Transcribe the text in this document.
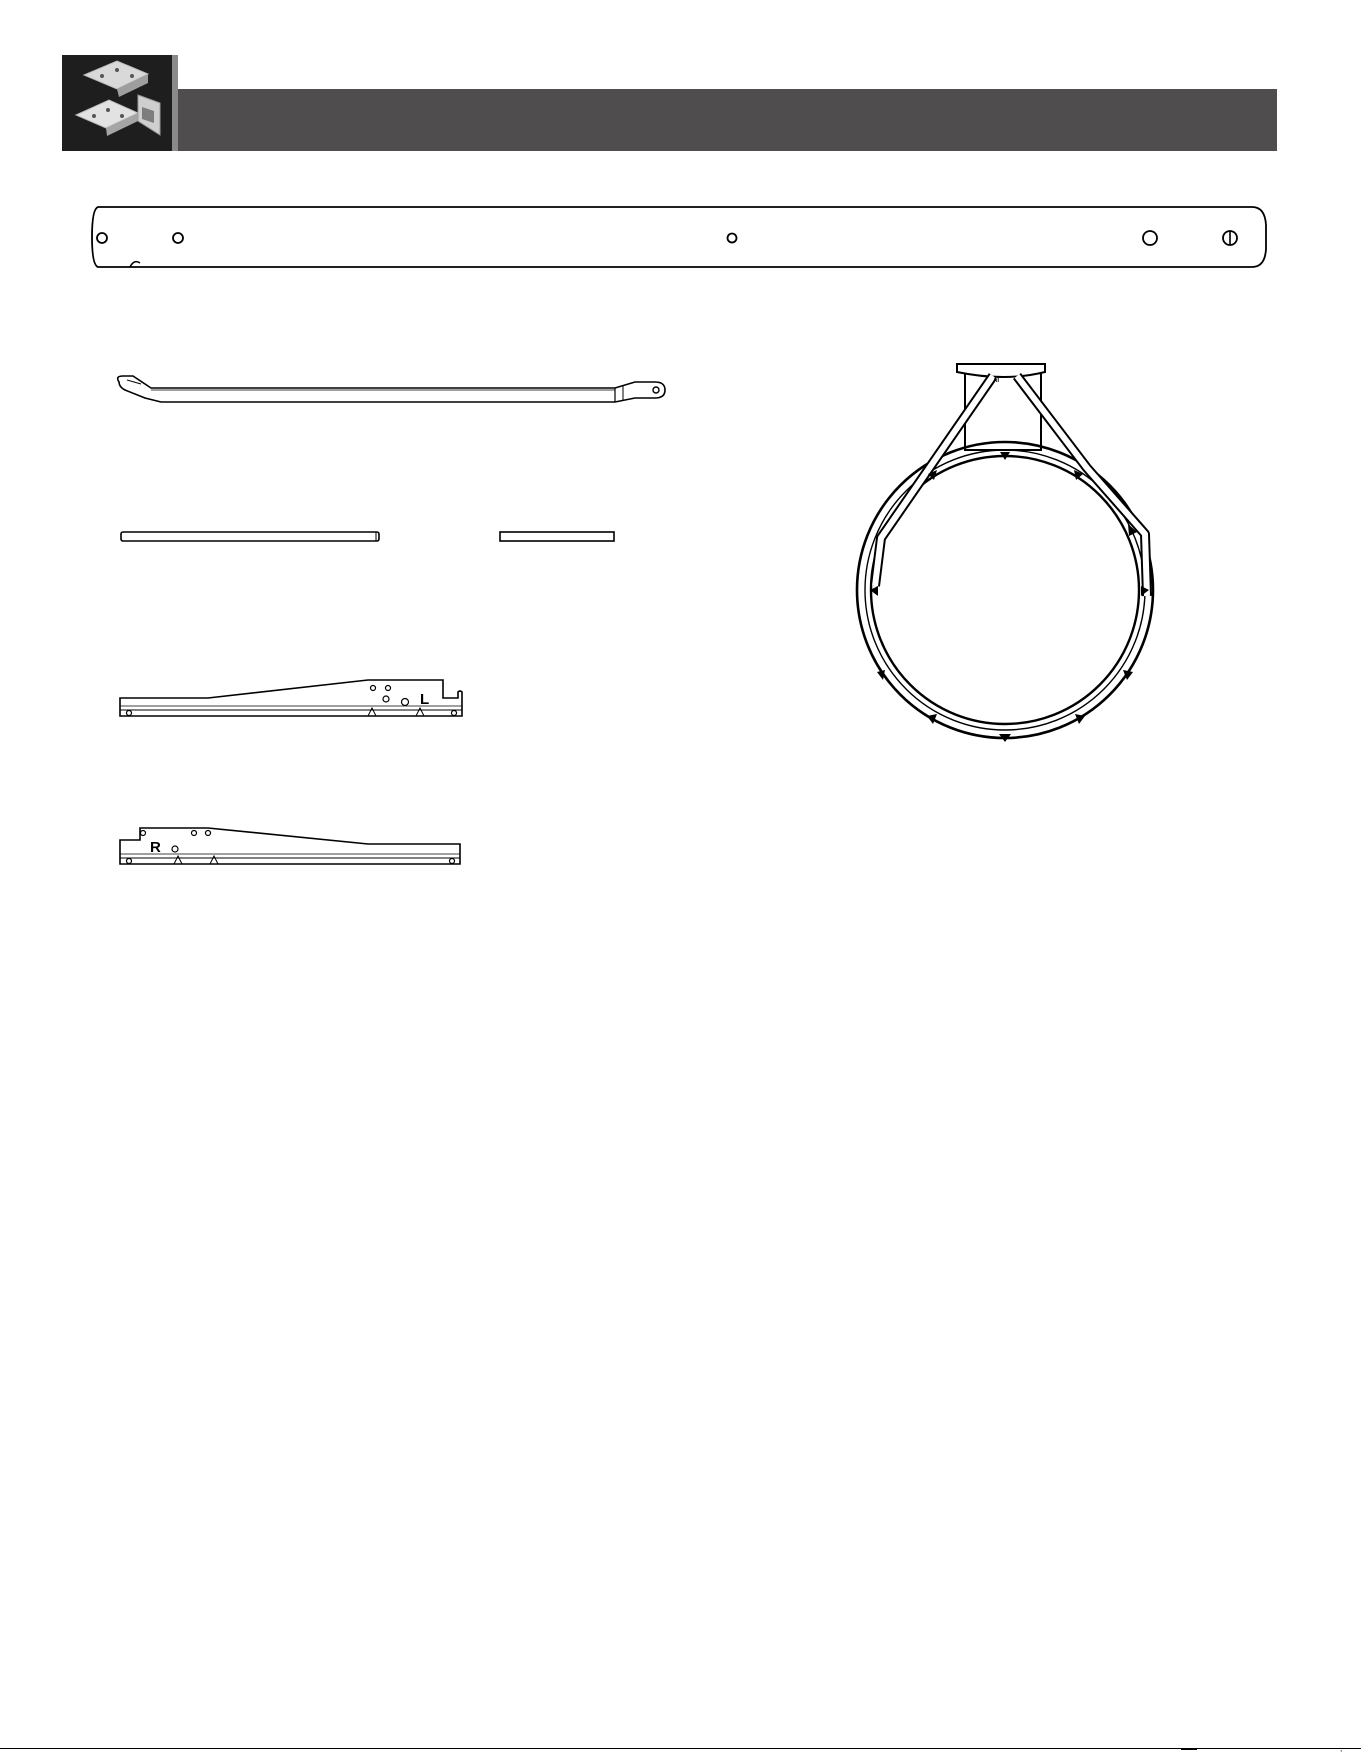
L
R
AI
,
